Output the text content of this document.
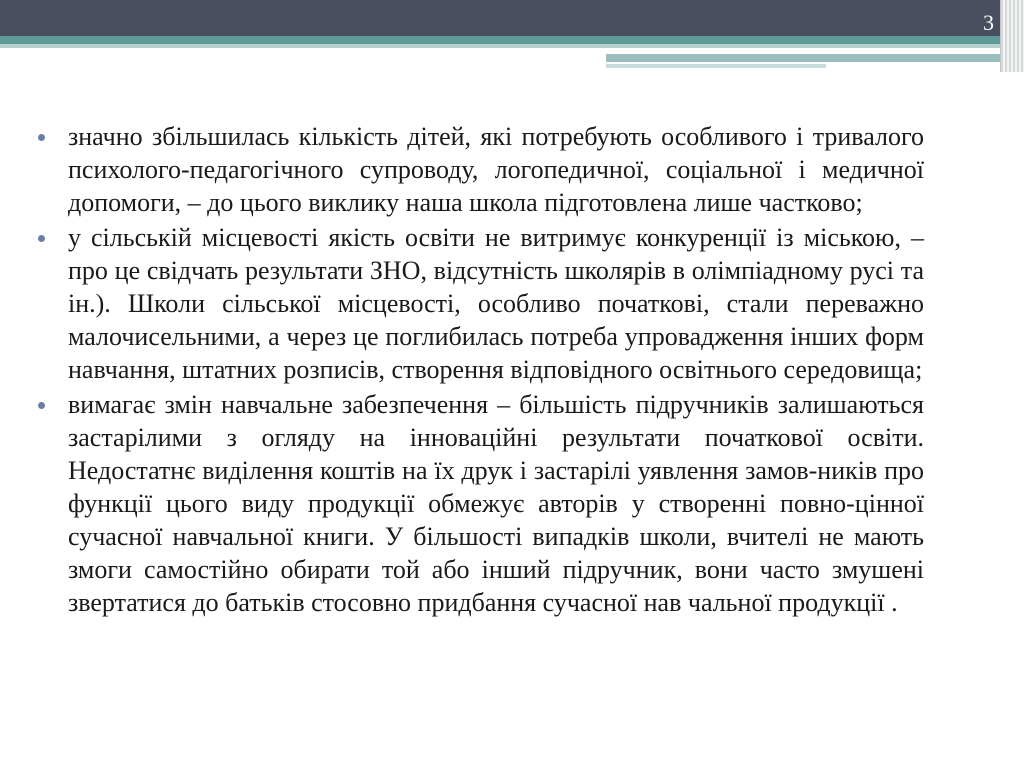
3
значно збільшилась кількість дітей, які потребують особливого і тривалого психолого-педагогічного супроводу, логопедичної, соціальної і медичної допомоги, – до цього виклику наша школа підготовлена лише частково;
у сільській місцевості якість освіти не витримує конкуренції із міською, – про це свідчать результати ЗНО, відсутність школярів в олімпіадному русі та ін.). Школи сільської місцевості, особливо початкові, стали переважно малочисельними, а через це поглибилась потреба упровадження інших форм навчання, штатних розписів, створення відповідного освітнього середовища;
вимагає змін навчальне забезпечення – більшість підручників залишаються застарілими з огляду на інноваційні результати початкової освіти. Недостатнє виділення коштів на їх друк і застарілі уявлення замов-ників про функції цього виду продукції обмежує авторів у створенні повно-цінної сучасної навчальної книги. У більшості випадків школи, вчителі не мають змоги самостійно обирати той або інший підручник, вони часто змушені звертатися до батьків стосовно придбання сучасної нав чальної продукції .
